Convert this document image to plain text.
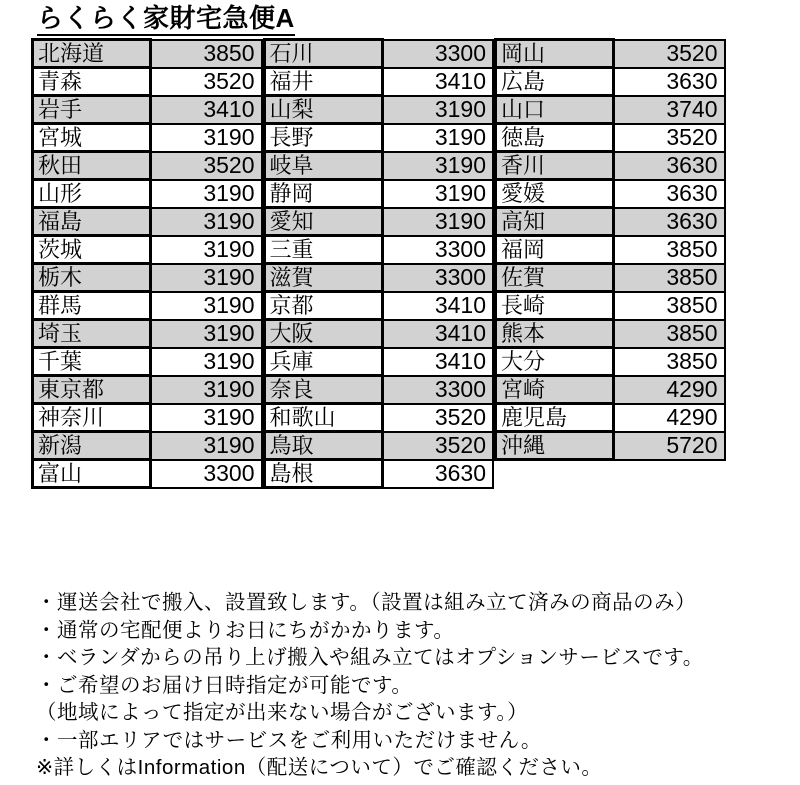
らくらく家財宅急便A
北海道	3850
青森	3520
岩手	3410
宮城	3190
秋田	3520
山形	3190
福島	3190
茨城	3190
栃木	3190
群馬	3190
埼玉	3190
千葉	3190
東京都	3190
神奈川	3190
新潟	3190
富山	3300
石川	3300
福井	3410
山梨	3190
長野	3190
岐阜	3190
静岡	3190
愛知	3190
三重	3300
滋賀	3300
京都	3410
大阪	3410
兵庫	3410
奈良	3300
和歌山	3520
鳥取	3520
島根	3630
岡山	3520
広島	3630
山口	3740
徳島	3520
香川	3630
愛媛	3630
高知	3630
福岡	3850
佐賀	3850
長崎	3850
熊本	3850
大分	3850
宮崎	4290
鹿児島	4290
沖縄	5720
・運送会社で搬入、設置致します。（設置は組み立て済みの商品のみ）
・通常の宅配便よりお日にちがかかります。
・ベランダからの吊り上げ搬入や組み立てはオプションサービスです。
・ご希望のお届け日時指定が可能です。
（地域によって指定が出来ない場合がございます。）
・一部エリアではサービスをご利用いただけません。
※詳しくはInformation（配送について）でご確認ください。
